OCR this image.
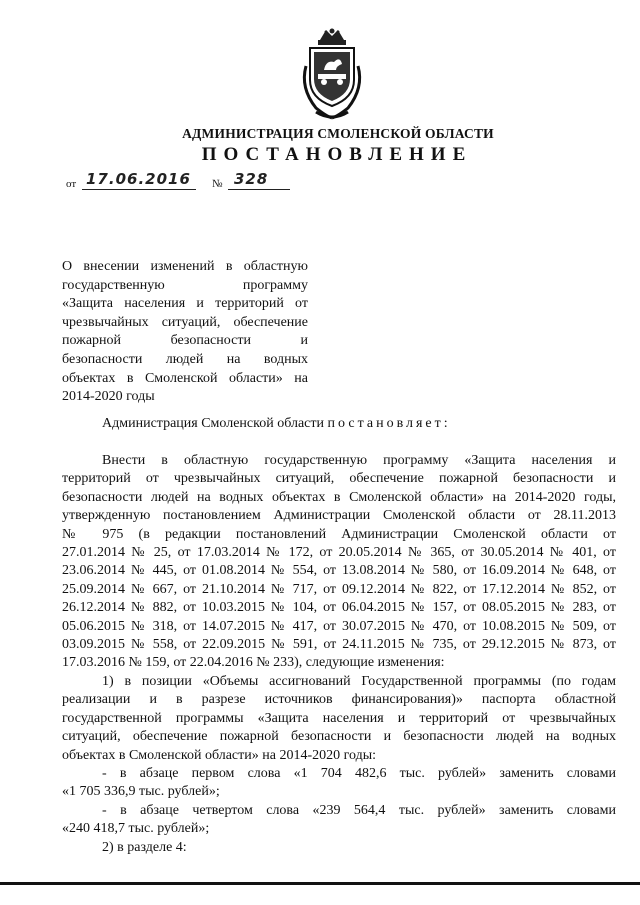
АДМИНИСТРАЦИЯ СМОЛЕНСКОЙ ОБЛАСТИ
ПОСТАНОВЛЕНИЕ
от 17.06.2016 № 328
О внесении изменений в областную
государственную программу
«Защита населения и территорий от
чрезвычайных ситуаций, обеспечение
пожарной безопасности и
безопасности людей на водных
объектах в Смоленской области» на
2014-2020 годы
Администрация Смоленской области постановляет:
Внести в областную государственную программу «Защита населения и
территорий от чрезвычайных ситуаций, обеспечение пожарной безопасности и
безопасности людей на водных объектах в Смоленской области» на 2014-2020 годы,
утвержденную постановлением Администрации Смоленской области от 28.11.2013
№ 975 (в редакции постановлений Администрации Смоленской области от
27.01.2014 № 25, от 17.03.2014 № 172, от 20.05.2014 № 365, от 30.05.2014 № 401, от
23.06.2014 № 445, от 01.08.2014 № 554, от 13.08.2014 № 580, от 16.09.2014 № 648, от
25.09.2014 № 667, от 21.10.2014 № 717, от 09.12.2014 № 822, от 17.12.2014 № 852, от
26.12.2014 № 882, от 10.03.2015 № 104, от 06.04.2015 № 157, от 08.05.2015 № 283, от
05.06.2015 № 318, от 14.07.2015 № 417, от 30.07.2015 № 470, от 10.08.2015 № 509, от
03.09.2015 № 558, от 22.09.2015 № 591, от 24.11.2015 № 735, от 29.12.2015 № 873, от
17.03.2016 № 159, от 22.04.2016 № 233), следующие изменения:
1) в позиции «Объемы ассигнований Государственной программы (по годам
реализации и в разрезе источников финансирования)» паспорта областной
государственной программы «Защита населения и территорий от чрезвычайных
ситуаций, обеспечение пожарной безопасности и безопасности людей на водных
объектах в Смоленской области» на 2014-2020 годы:
- в абзаце первом слова «1 704 482,6 тыс. рублей» заменить словами
«1 705 336,9 тыс. рублей»;
- в абзаце четвертом слова «239 564,4 тыс. рублей» заменить словами
«240 418,7 тыс. рублей»;
2) в разделе 4:
